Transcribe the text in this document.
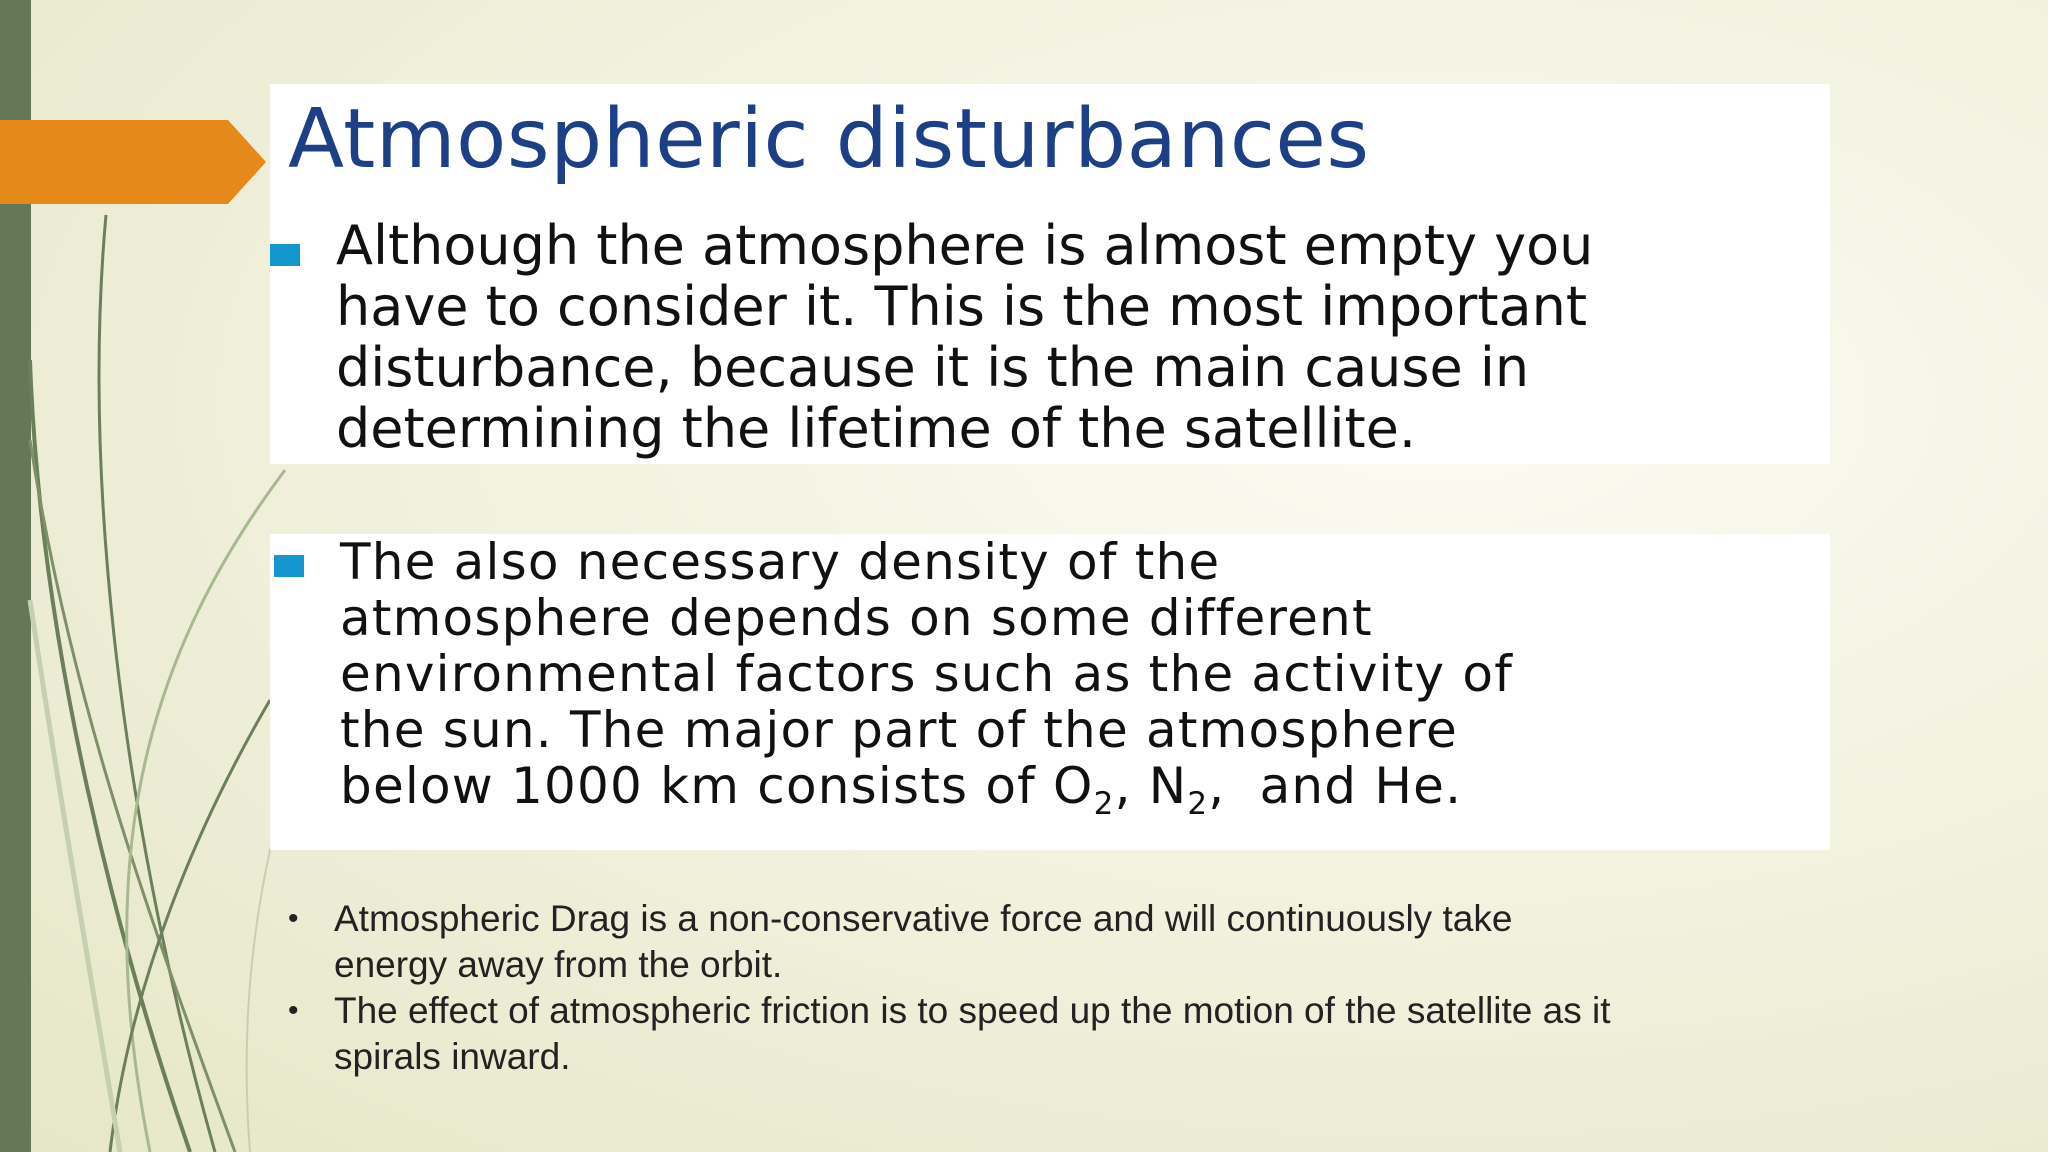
Atmospheric disturbances
Although the atmosphere is almost empty you
have to consider it. This is the most important
disturbance, because it is the main cause in
determining the lifetime of the satellite.
The also necessary density of the
atmosphere depends on some different
environmental factors such as the activity of
the sun. The major part of the atmosphere
below 1000 km consists of $O_2$, $N_2$,  and He.
• Atmospheric Drag is a non-conservative force and will continuously take
energy away from the orbit.
• The effect of atmospheric friction is to speed up the motion of the satellite as it
spirals inward.
